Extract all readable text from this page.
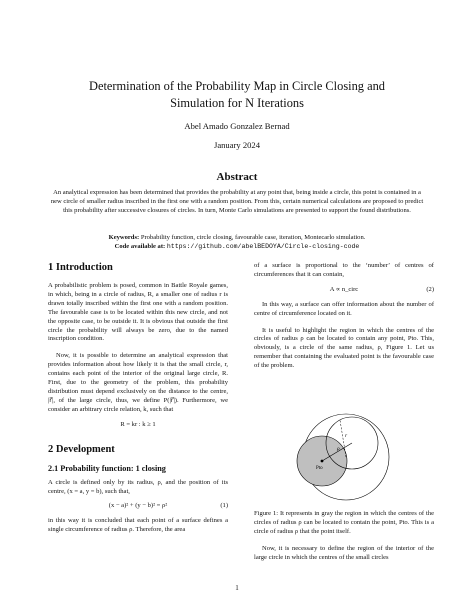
Determination of the Probability Map in Circle Closing and
Simulation for N Iterations
Abel Amado Gonzalez Bernad
January 2024
Abstract
An analytical expression has been determined that provides the probability at any point that, being inside a circle, this point is contained in a new circle of smaller radius inscribed in the first one with a random position. From this, certain numerical calculations are proposed to predict this probability after successive closures of circles. In turn, Monte Carlo simulations are presented to support the found distributions.
Keywords: Probability function, circle closing, favourable case, iteration, Montecarlo simulation.
Code available at: https://github.com/abelBEDOYA/Circle-closing-code
1 Introduction

A probabilistic problem is posed, common in Battle Royale games, in which, being in a circle of radius, R, a smaller one of radius r is drawn totally inscribed within the first one with a random position. The favourable case is to be located within this new circle, and not the opposite case, to be outside it. It is obvious that outside the first circle the probability will always be zero, due to the named inscription condition.

Now, it is possible to determine an analytical expression that provides information about how likely it is that the small circle, r, contains each point of the interior of the original large circle, R. First, due to the geometry of the problem, this probability distribution must depend exclusively on the distance to the centre, |r⃗|, of the large circle, thus, we define P(|r⃗|). Furthermore, we consider an arbitrary circle relation, k, such that

R = kr : k ≥ 1
2 Development
2.1 Probability function: 1 closing

A circle is defined only by its radius, ρ, and the position of its centre, (x = a, y = b), such that,

(x − a)² + (y − b)² = ρ²	(1)

in this way it is concluded that each point of a surface defines a single circumference of radius ρ. Therefore, the area

of a surface is proportional to the ‘number’ of centres of circumferences that it can contain,

A ∝ n_circ	(2)

In this way, a surface can offer information about the number of centre of circumference located on it.

It is useful to highlight the region in which the centres of the circles of radius ρ can be located to contain any point, Pto. This, obviously, is a circle of the same radius, ρ, Figure 1. Let us remember that containing the evaluated point is the favourable case of the problem.

Pto
ρ
r

Figure 1: It represents in gray the region in which the centres of the circles of radius ρ can be located to contain the point, Pto. This is a circle of radius ρ that the point itself.

Now, it is necessary to define the region of the interior of the large circle in which the centres of the small circles

1
